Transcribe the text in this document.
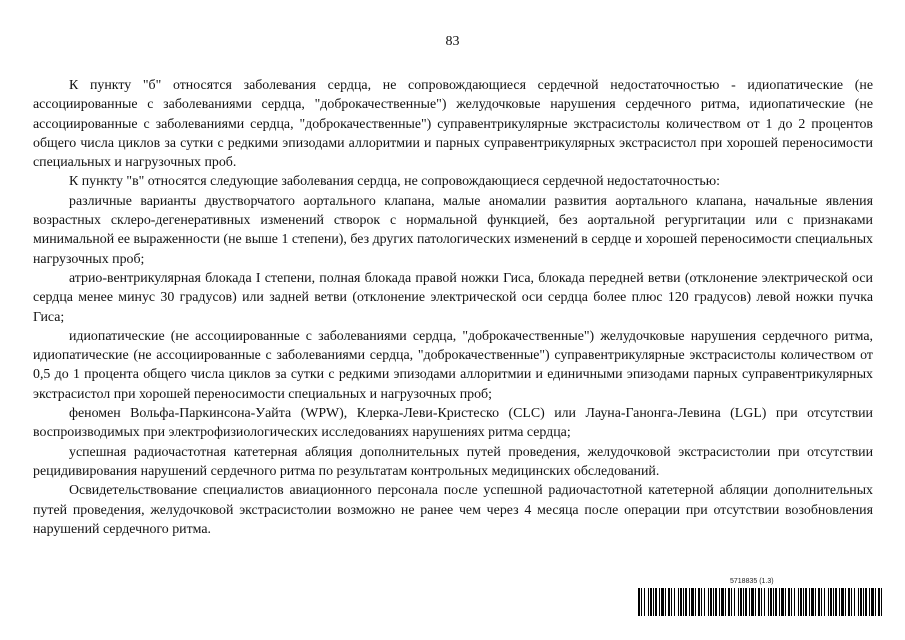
83

К пункту "б" относятся заболевания сердца, не сопровождающиеся сердечной недостаточностью - идиопатические (не ассоциированные с заболеваниями сердца, "доброкачественные") желудочковые нарушения сердечного ритма, идиопатические (не ассоциированные с заболеваниями сердца, "доброкачественные") суправентрикулярные экстрасистолы количеством от 1 до 2 процентов общего числа циклов за сутки с редкими эпизодами аллоритмии и парных суправентрикулярных экстрасистол при хорошей переносимости специальных и нагрузочных проб.

К пункту "в" относятся следующие заболевания сердца, не сопровождающиеся сердечной недостаточностью:

различные варианты двустворчатого аортального клапана, малые аномалии развития аортального клапана, начальные явления возрастных склеро-дегенеративных изменений створок с нормальной функцией, без аортальной регургитации или с признаками минимальной ее выраженности (не выше 1 степени), без других патологических изменений в сердце и хорошей переносимости специальных нагрузочных проб;

атрио-вентрикулярная блокада I степени, полная блокада правой ножки Гиса, блокада передней ветви (отклонение электрической оси сердца менее минус 30 градусов) или задней ветви (отклонение электрической оси сердца более плюс 120 градусов) левой ножки пучка Гиса;

идиопатические (не ассоциированные с заболеваниями сердца, "доброкачественные") желудочковые нарушения сердечного ритма, идиопатические (не ассоциированные с заболеваниями сердца, "доброкачественные") суправентрикулярные экстрасистолы количеством от 0,5 до 1 процента общего числа циклов за сутки с редкими эпизодами аллоритмии и единичными эпизодами парных суправентрикулярных экстрасистол при хорошей переносимости специальных и нагрузочных проб;

феномен Вольфа-Паркинсона-Уайта (WPW), Клерка-Леви-Кристеско (CLC) или Лауна-Ганонга-Левина (LGL) при отсутствии воспроизводимых при электрофизиологических исследованиях нарушениях ритма сердца;

успешная радиочастотная катетерная абляция дополнительных путей проведения, желудочковой экстрасистолии при отсутствии рецидивирования нарушений сердечного ритма по результатам контрольных медицинских обследований.

Освидетельствование специалистов авиационного персонала после успешной радиочастотной катетерной абляции дополнительных путей проведения, желудочковой экстрасистолии возможно не ранее чем через 4 месяца после операции при отсутствии возобновления нарушений сердечного ритма.

5718835 (1.3)
